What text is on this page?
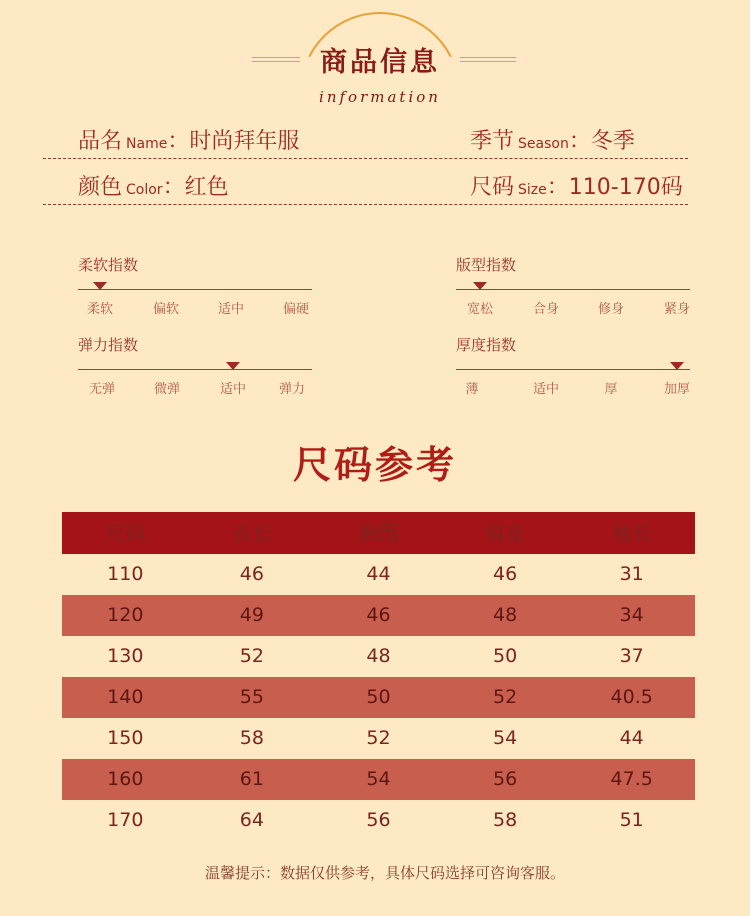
商品信息
information
品名 Name：时尚拜年服	季节 Season：冬季
颜色 Color：红色	尺码 Size：110-170码
柔软指数
柔软	偏软	适中	偏硬
版型指数
宽松	合身	修身	紧身
弹力指数
无弹	微弹	适中	弹力
厚度指数
薄	适中	厚	加厚
尺码参考
尺码	衣长	胸围	肩宽	袖长
110	46	44	46	31
120	49	46	48	34
130	52	48	50	37
140	55	50	52	40.5
150	58	52	54	44
160	61	54	56	47.5
170	64	56	58	51
温馨提示：数据仅供参考，具体尺码选择可咨询客服。
